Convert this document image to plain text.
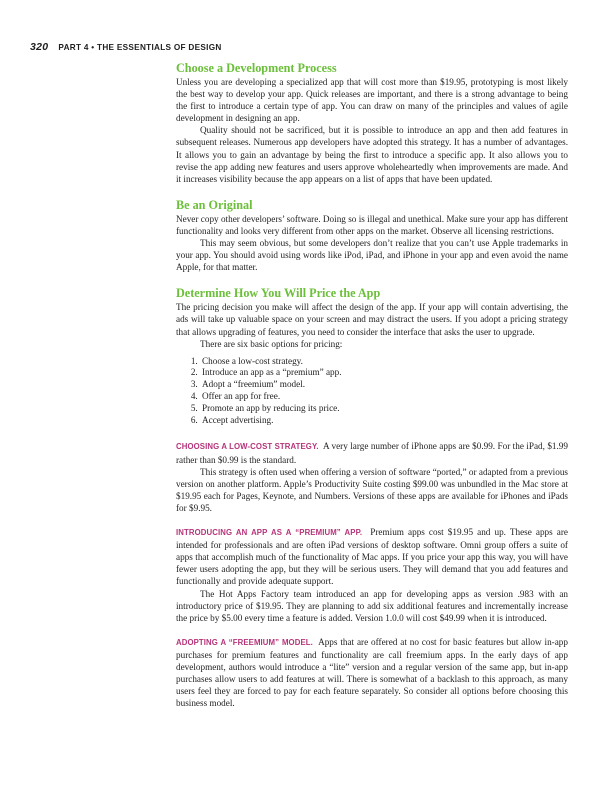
320 PART 4 • THE ESSENTIALS OF DESIGN
Choose a Development Process

Unless you are developing a specialized app that will cost more than $19.95, prototyping is most likely the best way to develop your app. Quick releases are important, and there is a strong advantage to being the first to introduce a certain type of app. You can draw on many of the principles and values of agile development in designing an app.

Quality should not be sacrificed, but it is possible to introduce an app and then add features in subsequent releases. Numerous app developers have adopted this strategy. It has a number of advantages. It allows you to gain an advantage by being the first to introduce a specific app. It also allows you to revise the app adding new features and users approve wholeheartedly when improvements are made. And it increases visibility because the app appears on a list of apps that have been updated.

Be an Original

Never copy other developers’ software. Doing so is illegal and unethical. Make sure your app has different functionality and looks very different from other apps on the market. Observe all licensing restrictions.

This may seem obvious, but some developers don’t realize that you can’t use Apple trademarks in your app. You should avoid using words like iPod, iPad, and iPhone in your app and even avoid the name Apple, for that matter.

Determine How You Will Price the App

The pricing decision you make will affect the design of the app. If your app will contain advertising, the ads will take up valuable space on your screen and may distract the users. If you adopt a pricing strategy that allows upgrading of features, you need to consider the interface that asks the user to upgrade.

There are six basic options for pricing:

1. Choose a low-cost strategy.
2. Introduce an app as a “premium” app.
3. Adopt a “freemium” model.
4. Offer an app for free.
5. Promote an app by reducing its price.
6. Accept advertising.

CHOOSING A LOW-COST STRATEGY. A very large number of iPhone apps are $0.99. For the iPad, $1.99 rather than $0.99 is the standard.

This strategy is often used when offering a version of software “ported,” or adapted from a previous version on another platform. Apple’s Productivity Suite costing $99.00 was unbundled in the Mac store at $19.95 each for Pages, Keynote, and Numbers. Versions of these apps are available for iPhones and iPads for $9.95.

INTRODUCING AN APP AS A “PREMIUM” APP. Premium apps cost $19.95 and up. These apps are intended for professionals and are often iPad versions of desktop software. Omni group offers a suite of apps that accomplish much of the functionality of Mac apps. If you price your app this way, you will have fewer users adopting the app, but they will be serious users. They will demand that you add features and functionally and provide adequate support.

The Hot Apps Factory team introduced an app for developing apps as version .983 with an introductory price of $19.95. They are planning to add six additional features and incrementally increase the price by $5.00 every time a feature is added. Version 1.0.0 will cost $49.99 when it is introduced.

ADOPTING A “FREEMIUM” MODEL. Apps that are offered at no cost for basic features but allow in-app purchases for premium features and functionality are call freemium apps. In the early days of app development, authors would introduce a “lite” version and a regular version of the same app, but in-app purchases allow users to add features at will. There is somewhat of a backlash to this approach, as many users feel they are forced to pay for each feature separately. So consider all options before choosing this business model.
